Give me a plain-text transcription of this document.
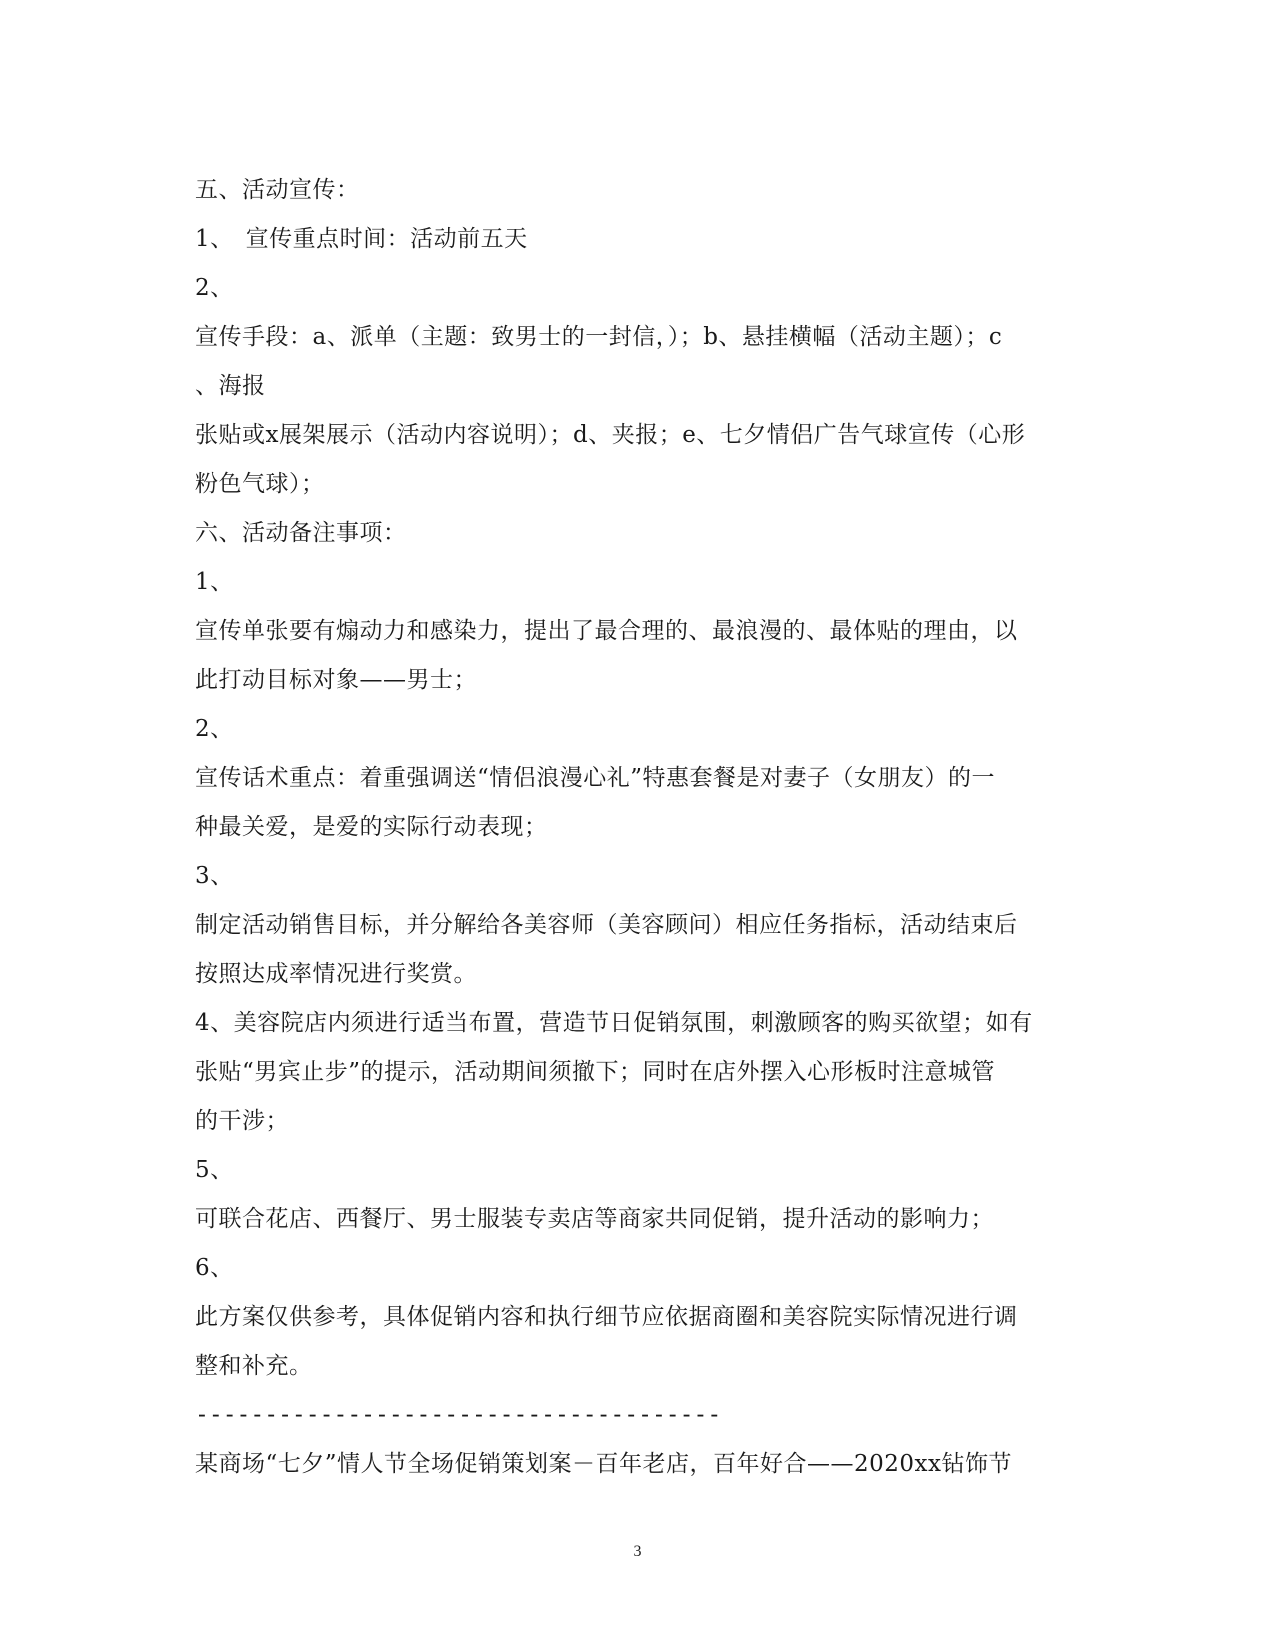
五、活动宣传：
1、　宣传重点时间：活动前五天
2、
宣传手段：a、派单（主题：致男士的一封信，）；b、悬挂横幅（活动主题）；c
、海报
张贴或x展架展示（活动内容说明）；d、夹报；e、七夕情侣广告气球宣传（心形
粉色气球）；
六、活动备注事项：
1、
宣传单张要有煽动力和感染力，提出了最合理的、最浪漫的、最体贴的理由，以
此打动目标对象——男士；
2、
宣传话术重点：着重强调送“情侣浪漫心礼”特惠套餐是对妻子（女朋友）的一
种最关爱，是爱的实际行动表现；
3、
制定活动销售目标，并分解给各美容师（美容顾问）相应任务指标，活动结束后
按照达成率情况进行奖赏。
4、美容院店内须进行适当布置，营造节日促销氛围，刺激顾客的购买欲望；如有
张贴“男宾止步”的提示，活动期间须撤下；同时在店外摆入心形板时注意城管
的干涉；
5、
可联合花店、西餐厅、男士服装专卖店等商家共同促销，提升活动的影响力；
6、
此方案仅供参考，具体促销内容和执行细节应依据商圈和美容院实际情况进行调
整和补充。
--------------------------------------
某商场“七夕”情人节全场促销策划案－百年老店，百年好合——2020xx钻饰节
3
